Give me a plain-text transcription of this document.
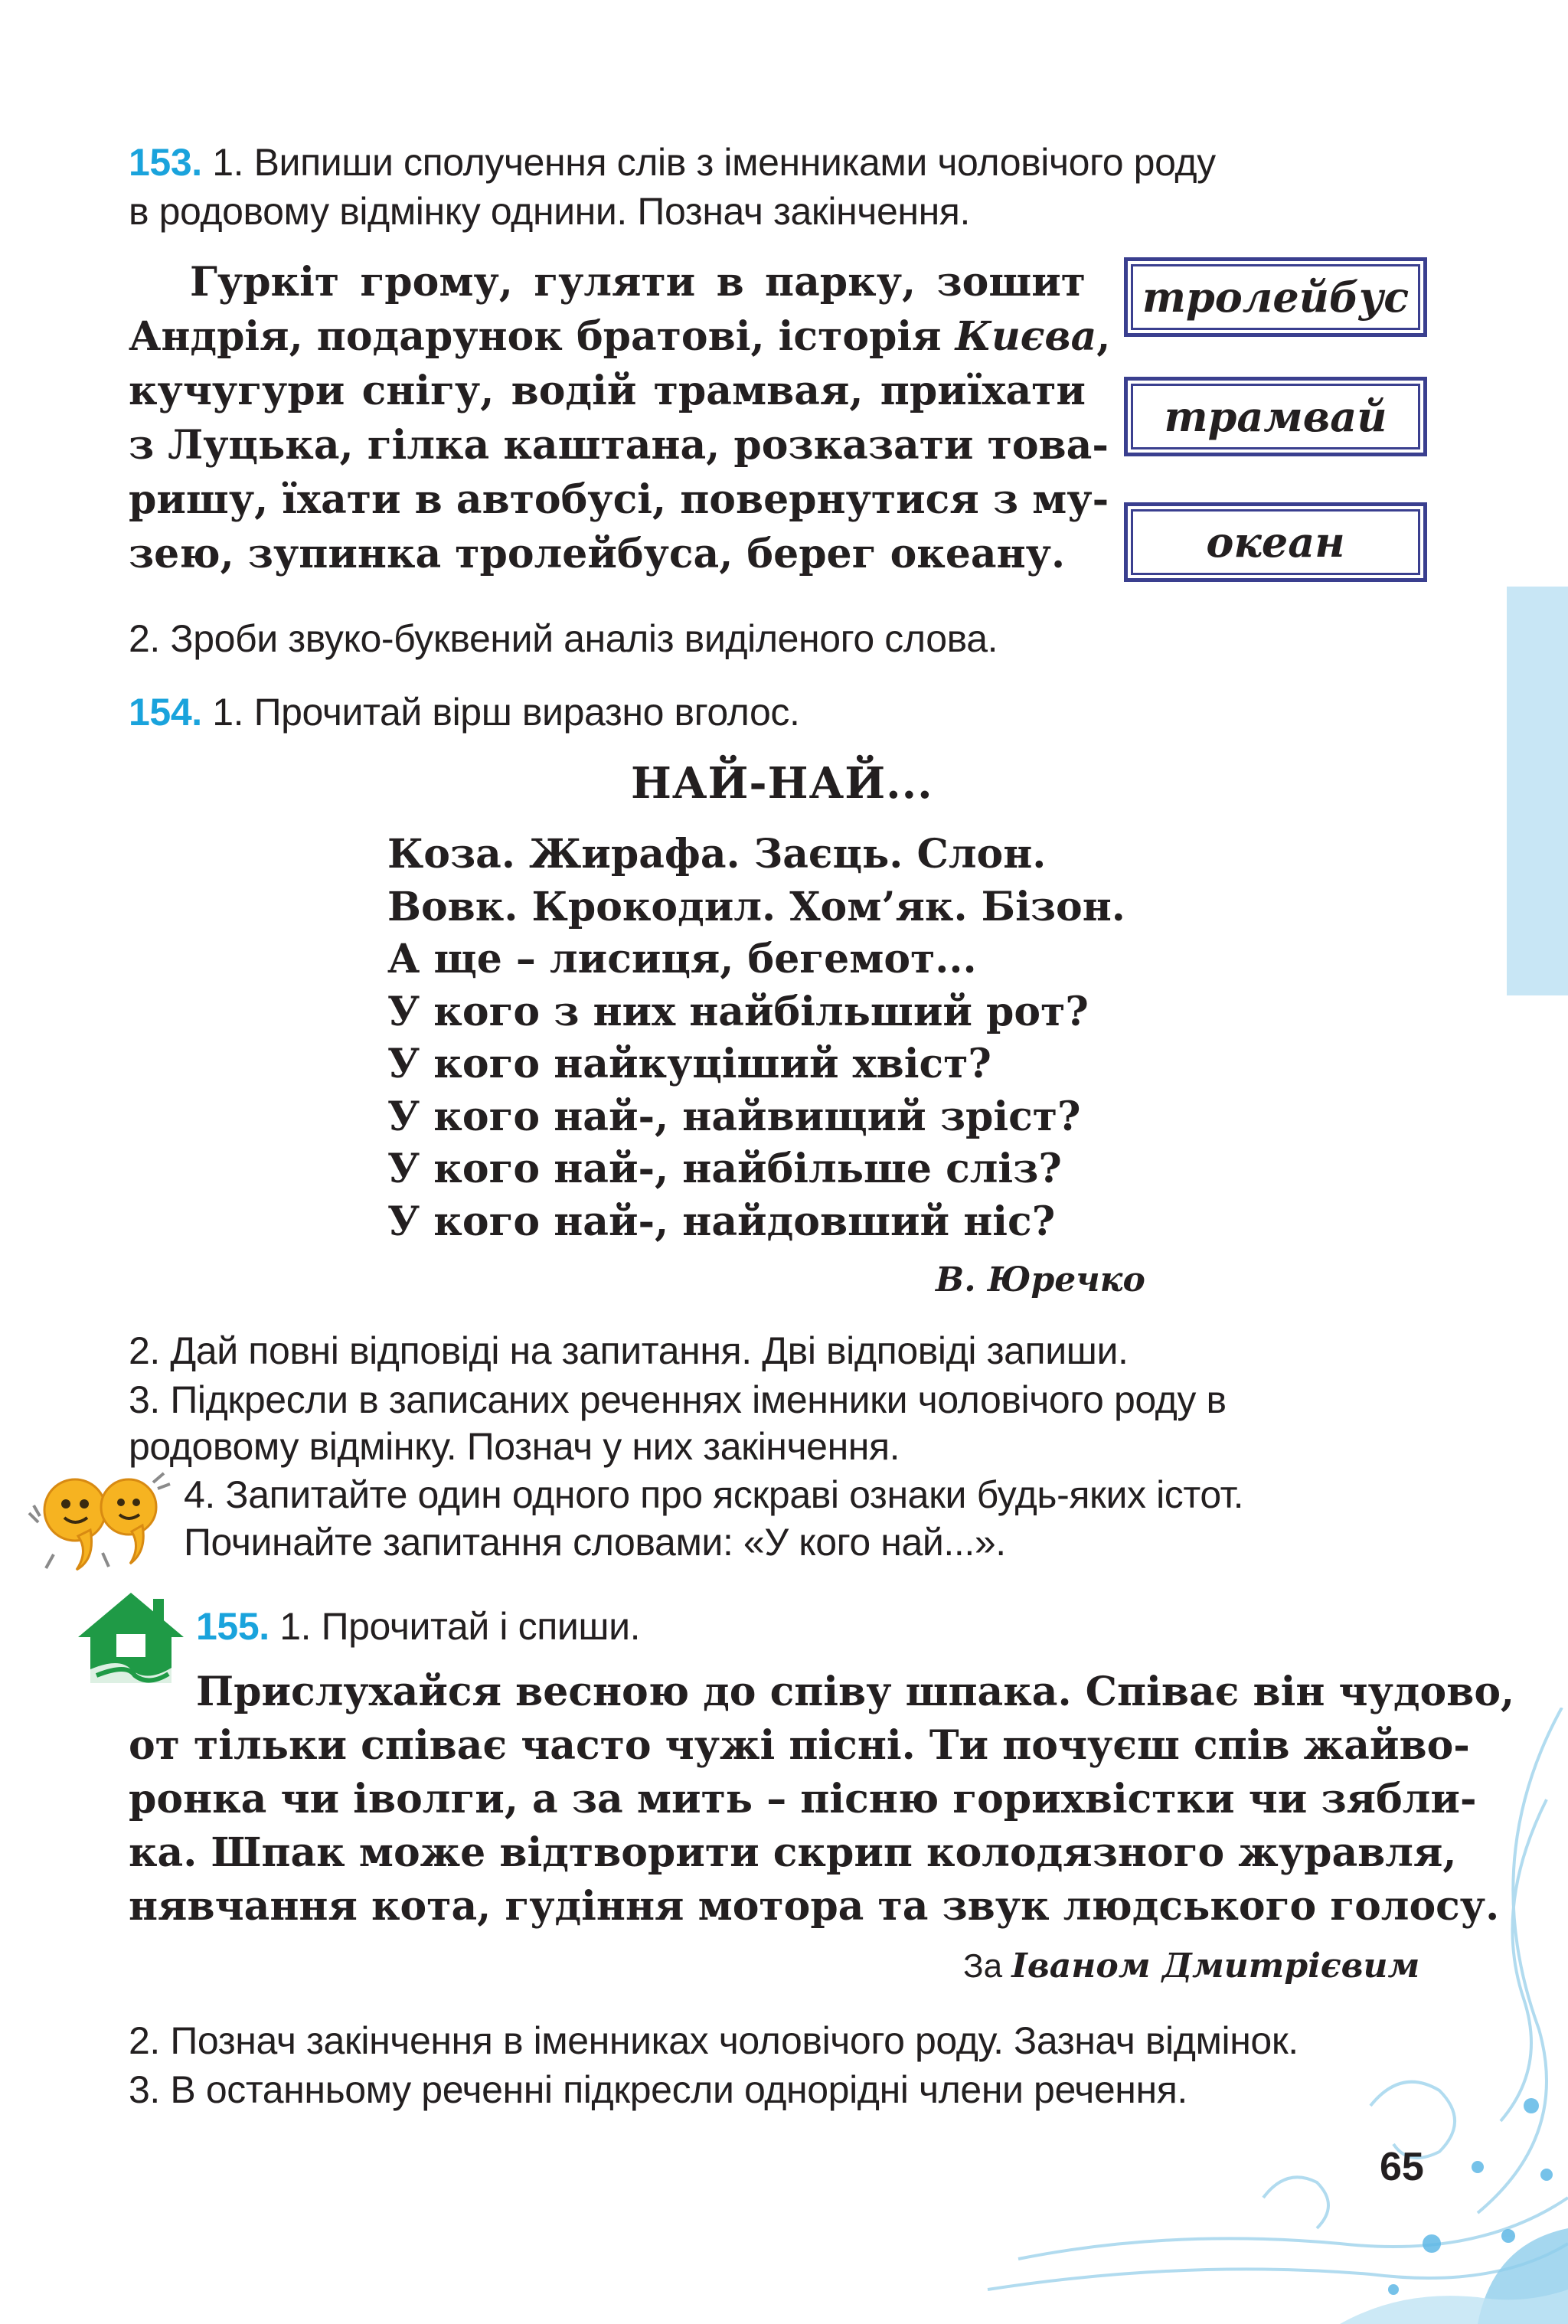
153. 1. Випиши сполучення слів з іменниками чоловічого роду
в родовому відмінку однини. Познач закінчення.
Гуркіт грому, гуляти в парку, зошит
Андрія, подарунок братові, історія Києва,
кучугури снігу, водій трамвая, приїхати
з Луцька, гілка каштана, розказати това-
ришу, їхати в автобусі, повернутися з му-
зею, зупинка тролейбуса, берег океану.
тролейбус
трамвай
океан
2. Зроби звуко-буквений аналіз виділеного слова.
154. 1. Прочитай вірш виразно вголос.
НАЙ-НАЙ...
Коза. Жирафа. Заєць. Слон.
Вовк. Крокодил. Хом’як. Бізон.
А ще – лисиця, бегемот...
У кого з них найбільший рот?
У кого найкуціший хвіст?
У кого най-, найвищий зріст?
У кого най-, найбільше сліз?
У кого най-, найдовший ніс?
В. Юречко
2. Дай повні відповіді на запитання. Дві відповіді запиши.
3. Підкресли в записаних реченнях іменники чоловічого роду в
родовому відмінку. Познач у них закінчення.
4. Запитайте один одного про яскраві ознаки будь-яких істот.
Починайте запитання словами: «У кого най...».
155. 1. Прочитай і спиши.
Прислухайся весною до співу шпака. Співає він чудово,
от тільки співає часто чужі пісні. Ти почуєш спів жайво-
ронка чи іволги, а за мить – пісню горихвістки чи зябли-
ка. Шпак може відтворити скрип колодязного журавля,
нявчання кота, гудіння мотора та звук людського голосу.
За Іваном Дмитрієвим
2. Познач закінчення в іменниках чоловічого роду. Зазнач відмінок.
3. В останньому реченні підкресли однорідні члени речення.
65
